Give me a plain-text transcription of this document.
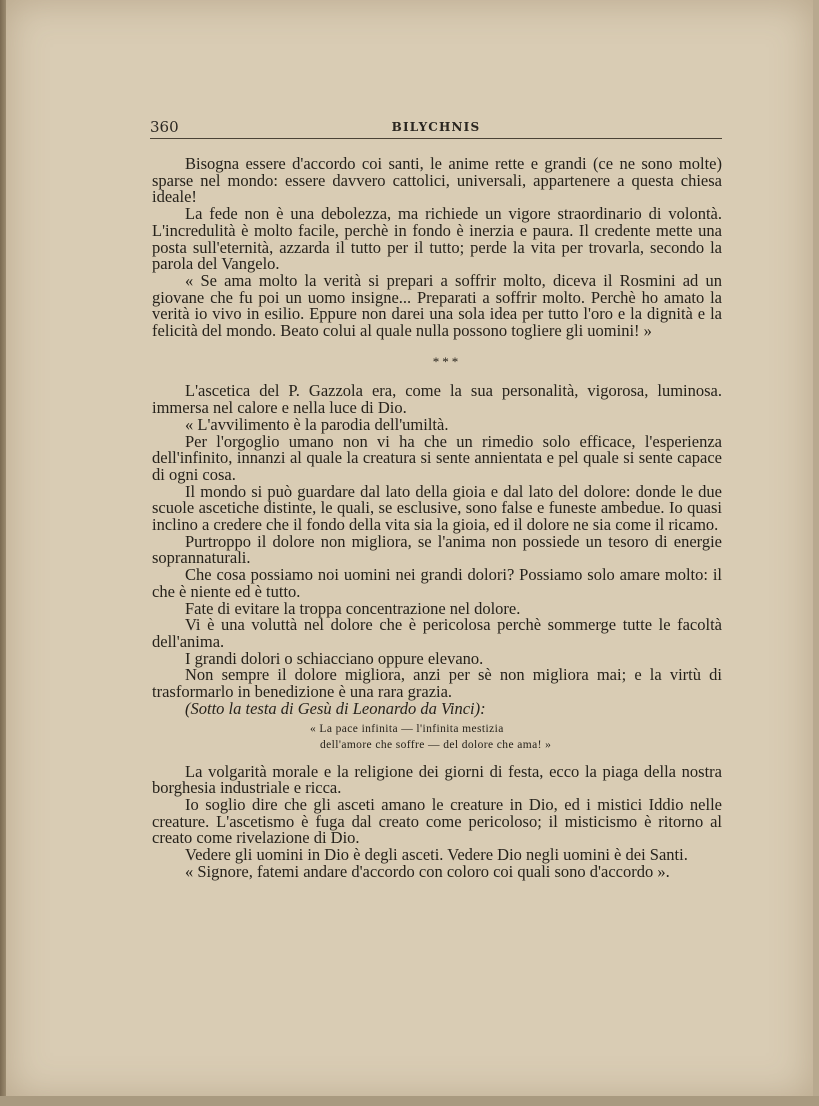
360	BILYCHNIS

Bisogna essere d'accordo coi santi, le anime rette e grandi (ce ne sono molte) sparse nel mondo: essere davvero cattolici, universali, appartenere a questa chiesa ideale!

La fede non è una debolezza, ma richiede un vigore straordinario di volontà. L'incredulità è molto facile, perchè in fondo è inerzia e paura. Il credente mette una posta sull'eternità, azzarda il tutto per il tutto; perde la vita per trovarla, secondo la parola del Vangelo.

« Se ama molto la verità si prepari a soffrir molto, diceva il Rosmini ad un giovane che fu poi un uomo insigne... Preparati a soffrir molto. Perchè ho amato la verità io vivo in esilio. Eppure non darei una sola idea per tutto l'oro e la dignità e la felicità del mondo. Beato colui al quale nulla possono togliere gli uomini! »

***

L'ascetica del P. Gazzola era, come la sua personalità, vigorosa, luminosa. immersa nel calore e nella luce di Dio.

« L'avvilimento è la parodia dell'umiltà.

Per l'orgoglio umano non vi ha che un rimedio solo efficace, l'esperienza dell'infinito, innanzi al quale la creatura si sente annientata e pel quale si sente capace di ogni cosa.

Il mondo si può guardare dal lato della gioia e dal lato del dolore: donde le due scuole ascetiche distinte, le quali, se esclusive, sono false e funeste ambedue. Io quasi inclino a credere che il fondo della vita sia la gioia, ed il dolore ne sia come il ricamo.

Purtroppo il dolore non migliora, se l'anima non possiede un tesoro di energie soprannaturali.

Che cosa possiamo noi uomini nei grandi dolori? Possiamo solo amare molto: il che è niente ed è tutto.

Fate di evitare la troppa concentrazione nel dolore.

Vi è una voluttà nel dolore che è pericolosa perchè sommerge tutte le facoltà dell'anima.

I grandi dolori o schiacciano oppure elevano.

Non sempre il dolore migliora, anzi per sè non migliora mai; e la virtù di trasformarlo in benedizione è una rara grazia.

(Sotto la testa di Gesù di Leonardo da Vinci):

« La pace infinita — l'infinita mestizia
dell'amore che soffre — del dolore che ama! »

La volgarità morale e la religione dei giorni di festa, ecco la piaga della nostra borghesia industriale e ricca.

Io soglio dire che gli asceti amano le creature in Dio, ed i mistici Iddio nelle creature. L'ascetismo è fuga dal creato come pericoloso; il misticismo è ritorno al creato come rivelazione di Dio.

Vedere gli uomini in Dio è degli asceti. Vedere Dio negli uomini è dei Santi.

« Signore, fatemi andare d'accordo con coloro coi quali sono d'accordo ».
